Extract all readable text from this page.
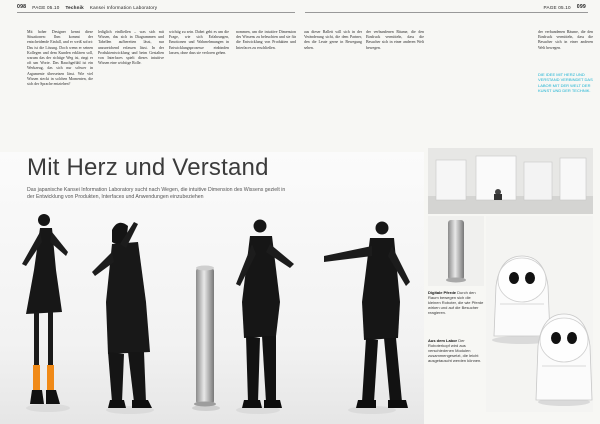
098 PAGE 05.10 Technik Kansei Information Laboratory	PAGE 05.10 099
Mit hoher Designer kennt diese Situationen: Ihm kommt der entscheidende Einfall, und er weiß sofort: Das ist die Lösung. Doch wenn er seinen Kollegen und dem Kunden erklären soll, warum das der richtige Weg ist, ringt er oft um Worte. Das Bauchgefühl ist ein Werkzeug, das sich nur schwer in Argumente übersetzen lässt. Wie viel Wissen steckt in solchen Momenten, die sich der Sprache entziehen?
lediglich einfließen – was sich mit Wissen, das sich in Diagrammen und Tabellen aufbereiten lässt, nur unzureichend erfassen lässt. In der Produktentwicklung und beim Gestalten von Interfaces spielt dieses intuitive Wissen eine wichtige Rolle.
wichtig zu sein. Dabei geht es um die Frage, wie sich Erfahrungen, Emotionen und Wahrnehmungen in Entwicklungsprozesse einbinden lassen, ohne dass sie verloren gehen.
nommen, um die intuitive Dimension des Wissens zu beleuchten und sie für die Entwicklung von Produkten und Interfaces zu erschließen.
aus dieser Ballett will sich in der Veränderung sicht, die dem Partner, den die Leute gerne in Bewegung sehen.
der verbundenen Räume, die den Eindruck vermitteln, dass die Besucher sich in einer anderen Welt bewegen.
der verbundenen Räume, die den Eindruck vermitteln, dass die Besucher sich in einer anderen Welt bewegen.
Mit Herz und Verstand
Das japanische Kansei Information Laboratory sucht nach Wegen, die intuitive Dimension des Wissens gezielt in der Entwicklung von Produkten, Interfaces und Anwendungen einzubeziehen
Digitale Pferde Durch den Raum bewegen sich die kleinen Roboter, die wie Pferde wirken und auf die Besucher reagieren.
Aus dem Labor Der Roboterkopf wird aus verschiedenen Modulen zusammengesetzt, die leicht ausgetauscht werden können.
DIE IDEE MIT HERZ UND VERSTAND VERBINDET DAS LABOR MIT DER WELT DER KUNST UND DER TECHNIK.
